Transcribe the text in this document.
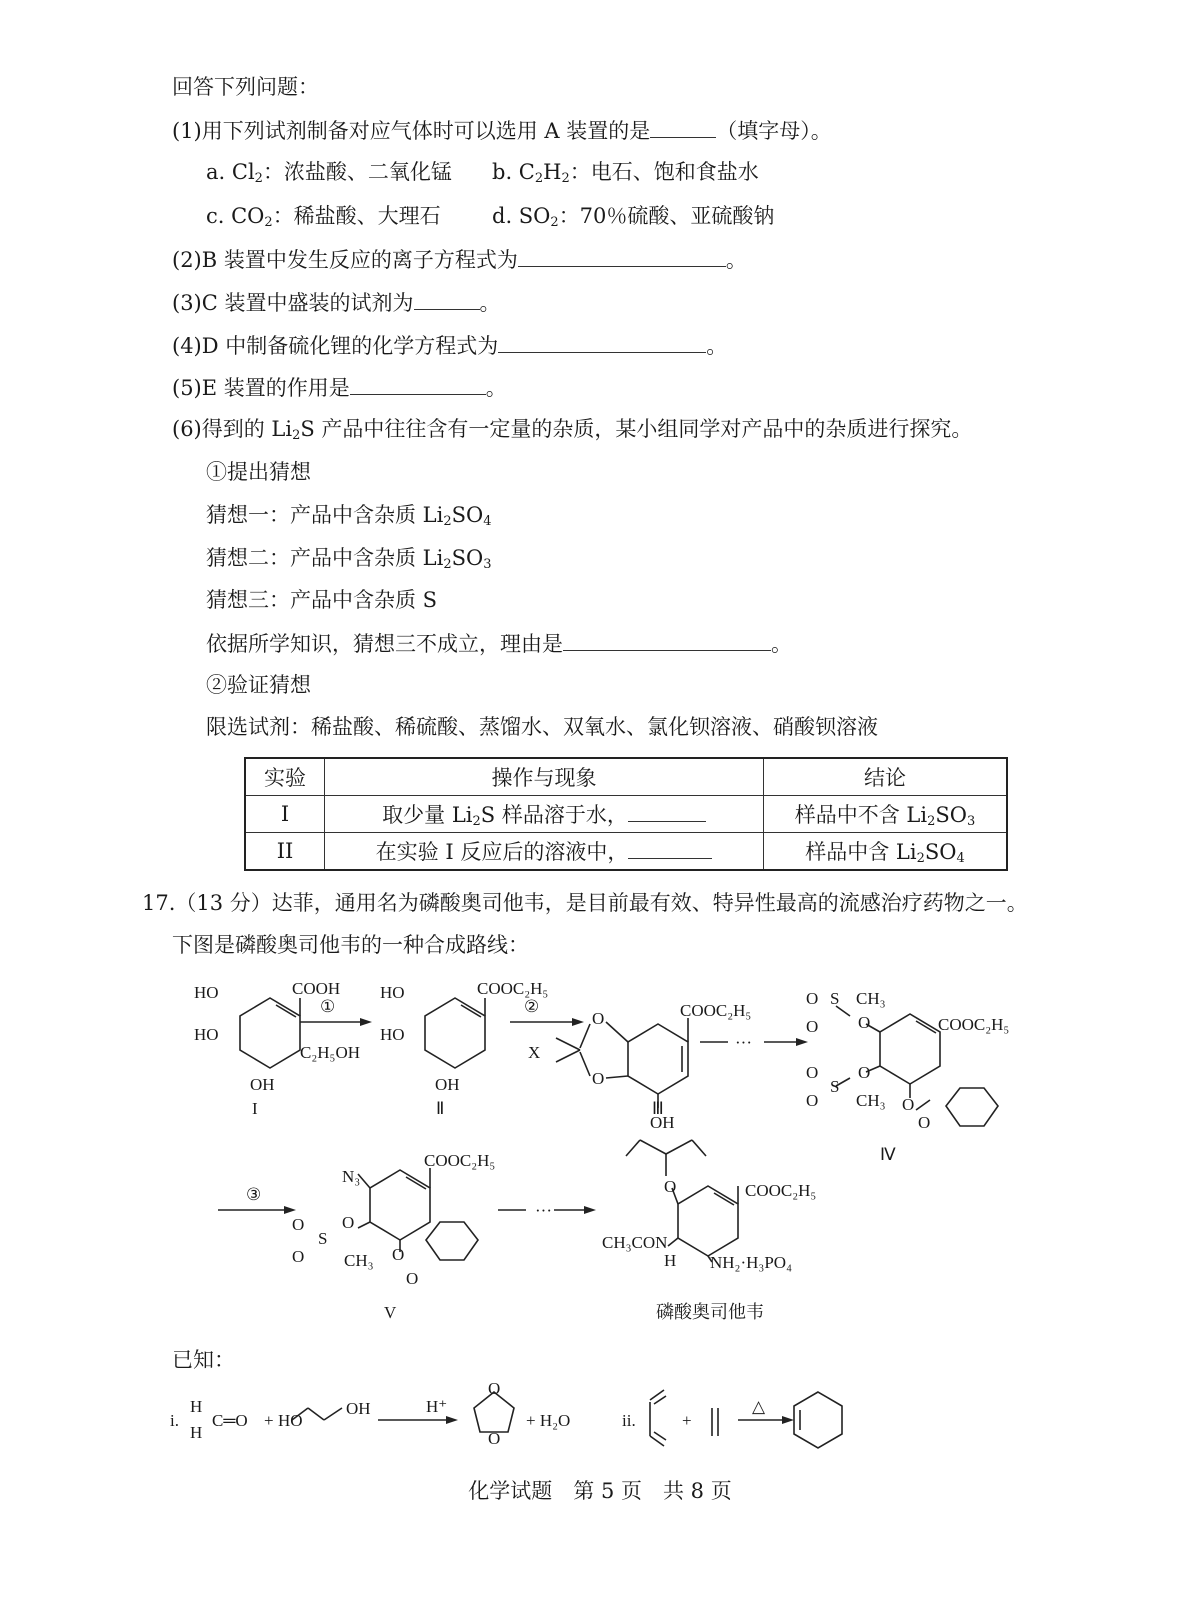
回答下列问题：
(1)用下列试剂制备对应气体时可以选用 A 装置的是	（填字母）。
a. $Cl_2$：浓盐酸、二氧化锰 b. $C_2H_2$：电石、饱和食盐水
c. $CO_2$：稀盐酸、大理石 d. $SO_2$：70％硫酸、亚硫酸钠
(2)B 装置中发生反应的离子方程式为	。
(3)C 装置中盛装的试剂为	。
(4)D 中制备硫化锂的化学方程式为	。
(5)E 装置的作用是	。
(6)得到的 $Li_2S$ 产品中往往含有一定量的杂质，某小组同学对产品中的杂质进行探究。
①提出猜想
猜想一：产品中含杂质 $Li_2SO_4$
猜想二：产品中含杂质 $Li_2SO_3$
猜想三：产品中含杂质 S
依据所学知识，猜想三不成立，理由是	。
②验证猜想
限选试剂：稀盐酸、稀硫酸、蒸馏水、双氧水、氯化钡溶液、硝酸钡溶液
实验	操作与现象	结论
I	取少量 $Li_2S$ 样品溶于水，	样品中不含 $Li_2SO_3$
II	在实验 I 反应后的溶液中，	样品中含 $Li_2SO_4$
17.（13 分）达菲，通用名为磷酸奥司他韦，是目前最有效、特异性最高的流感治疗药物之一。
下图是磷酸奥司他韦的一种合成路线：
HO
HO
OH
COOH
①
C₂H₅OH
HO
HO
OH
COOC₂H₅
②
X
O
O
COOC₂H₅
OH
···
O S CH₃
O O	COOC₂H₅
O
O
S
CH₃
O	O
O
I	Ⅱ	Ⅲ
Ⅳ
③
N₃
COOC₂H₅
O
S
O
O CH₃ O
O
V
···
O	COOC₂H₅
CH₃CON
H NH₂·H₃PO₄
磷酸奥司他韦
已知：
i.
H
H
C═O + HO
OH	H⁺
O
O
+ H₂O	ii.	+
△
化学试题　第 5 页　共 8 页
